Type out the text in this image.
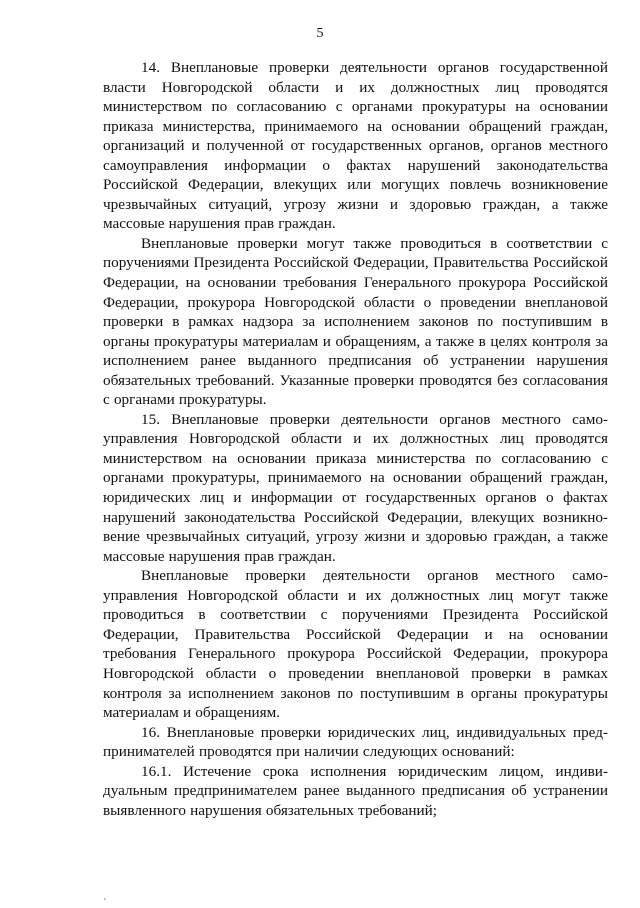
5

14. Внеплановые проверки деятельности органов государственной власти Новгородской области и их должностных лиц проводятся министерством по согласованию с органами прокуратуры на основании приказа министерства, принимаемого на основании обращений граждан, организаций и полученной от государственных органов, органов местного самоуправления информации о фактах нарушений законодательства Российской Федерации, влекущих или могущих повлечь возникновение чрезвычайных ситуаций, угрозу жизни и здоровью граждан, а также массовые нарушения прав граждан.

Внеплановые проверки могут также проводиться в соответствии с поручениями Президента Российской Федерации, Правительства Российской Федерации, на основании требования Генерального прокурора Российской Федерации, прокурора Новгородской области о проведении внеплановой проверки в рамках надзора за исполнением законов по поступившим в органы прокуратуры материалам и обращениям, а также в целях контроля за исполнением ранее выданного предписания об устранении нарушения обязательных требований. Указанные проверки проводятся без согласования с органами прокуратуры.

15. Внеплановые проверки деятельности органов местного само-управления Новгородской области и их должностных лиц проводятся министерством на основании приказа министерства по согласованию с органами прокуратуры, принимаемого на основании обращений граждан, юридических лиц и информации от государственных органов о фактах нарушений законодательства Российской Федерации, влекущих возникно-вение чрезвычайных ситуаций, угрозу жизни и здоровью граждан, а также массовые нарушения прав граждан.

Внеплановые проверки деятельности органов местного само-управления Новгородской области и их должностных лиц могут также проводиться в соответствии с поручениями Президента Российской Федерации, Правительства Российской Федерации и на основании требования Генерального прокурора Российской Федерации, прокурора Новгородской области о проведении внеплановой проверки в рамках контроля за исполнением законов по поступившим в органы прокуратуры материалам и обращениям.

16. Внеплановые проверки юридических лиц, индивидуальных пред-принимателей проводятся при наличии следующих оснований:

16.1. Истечение срока исполнения юридическим лицом, индиви-дуальным предпринимателем ранее выданного предписания об устранении выявленного нарушения обязательных требований;

'
